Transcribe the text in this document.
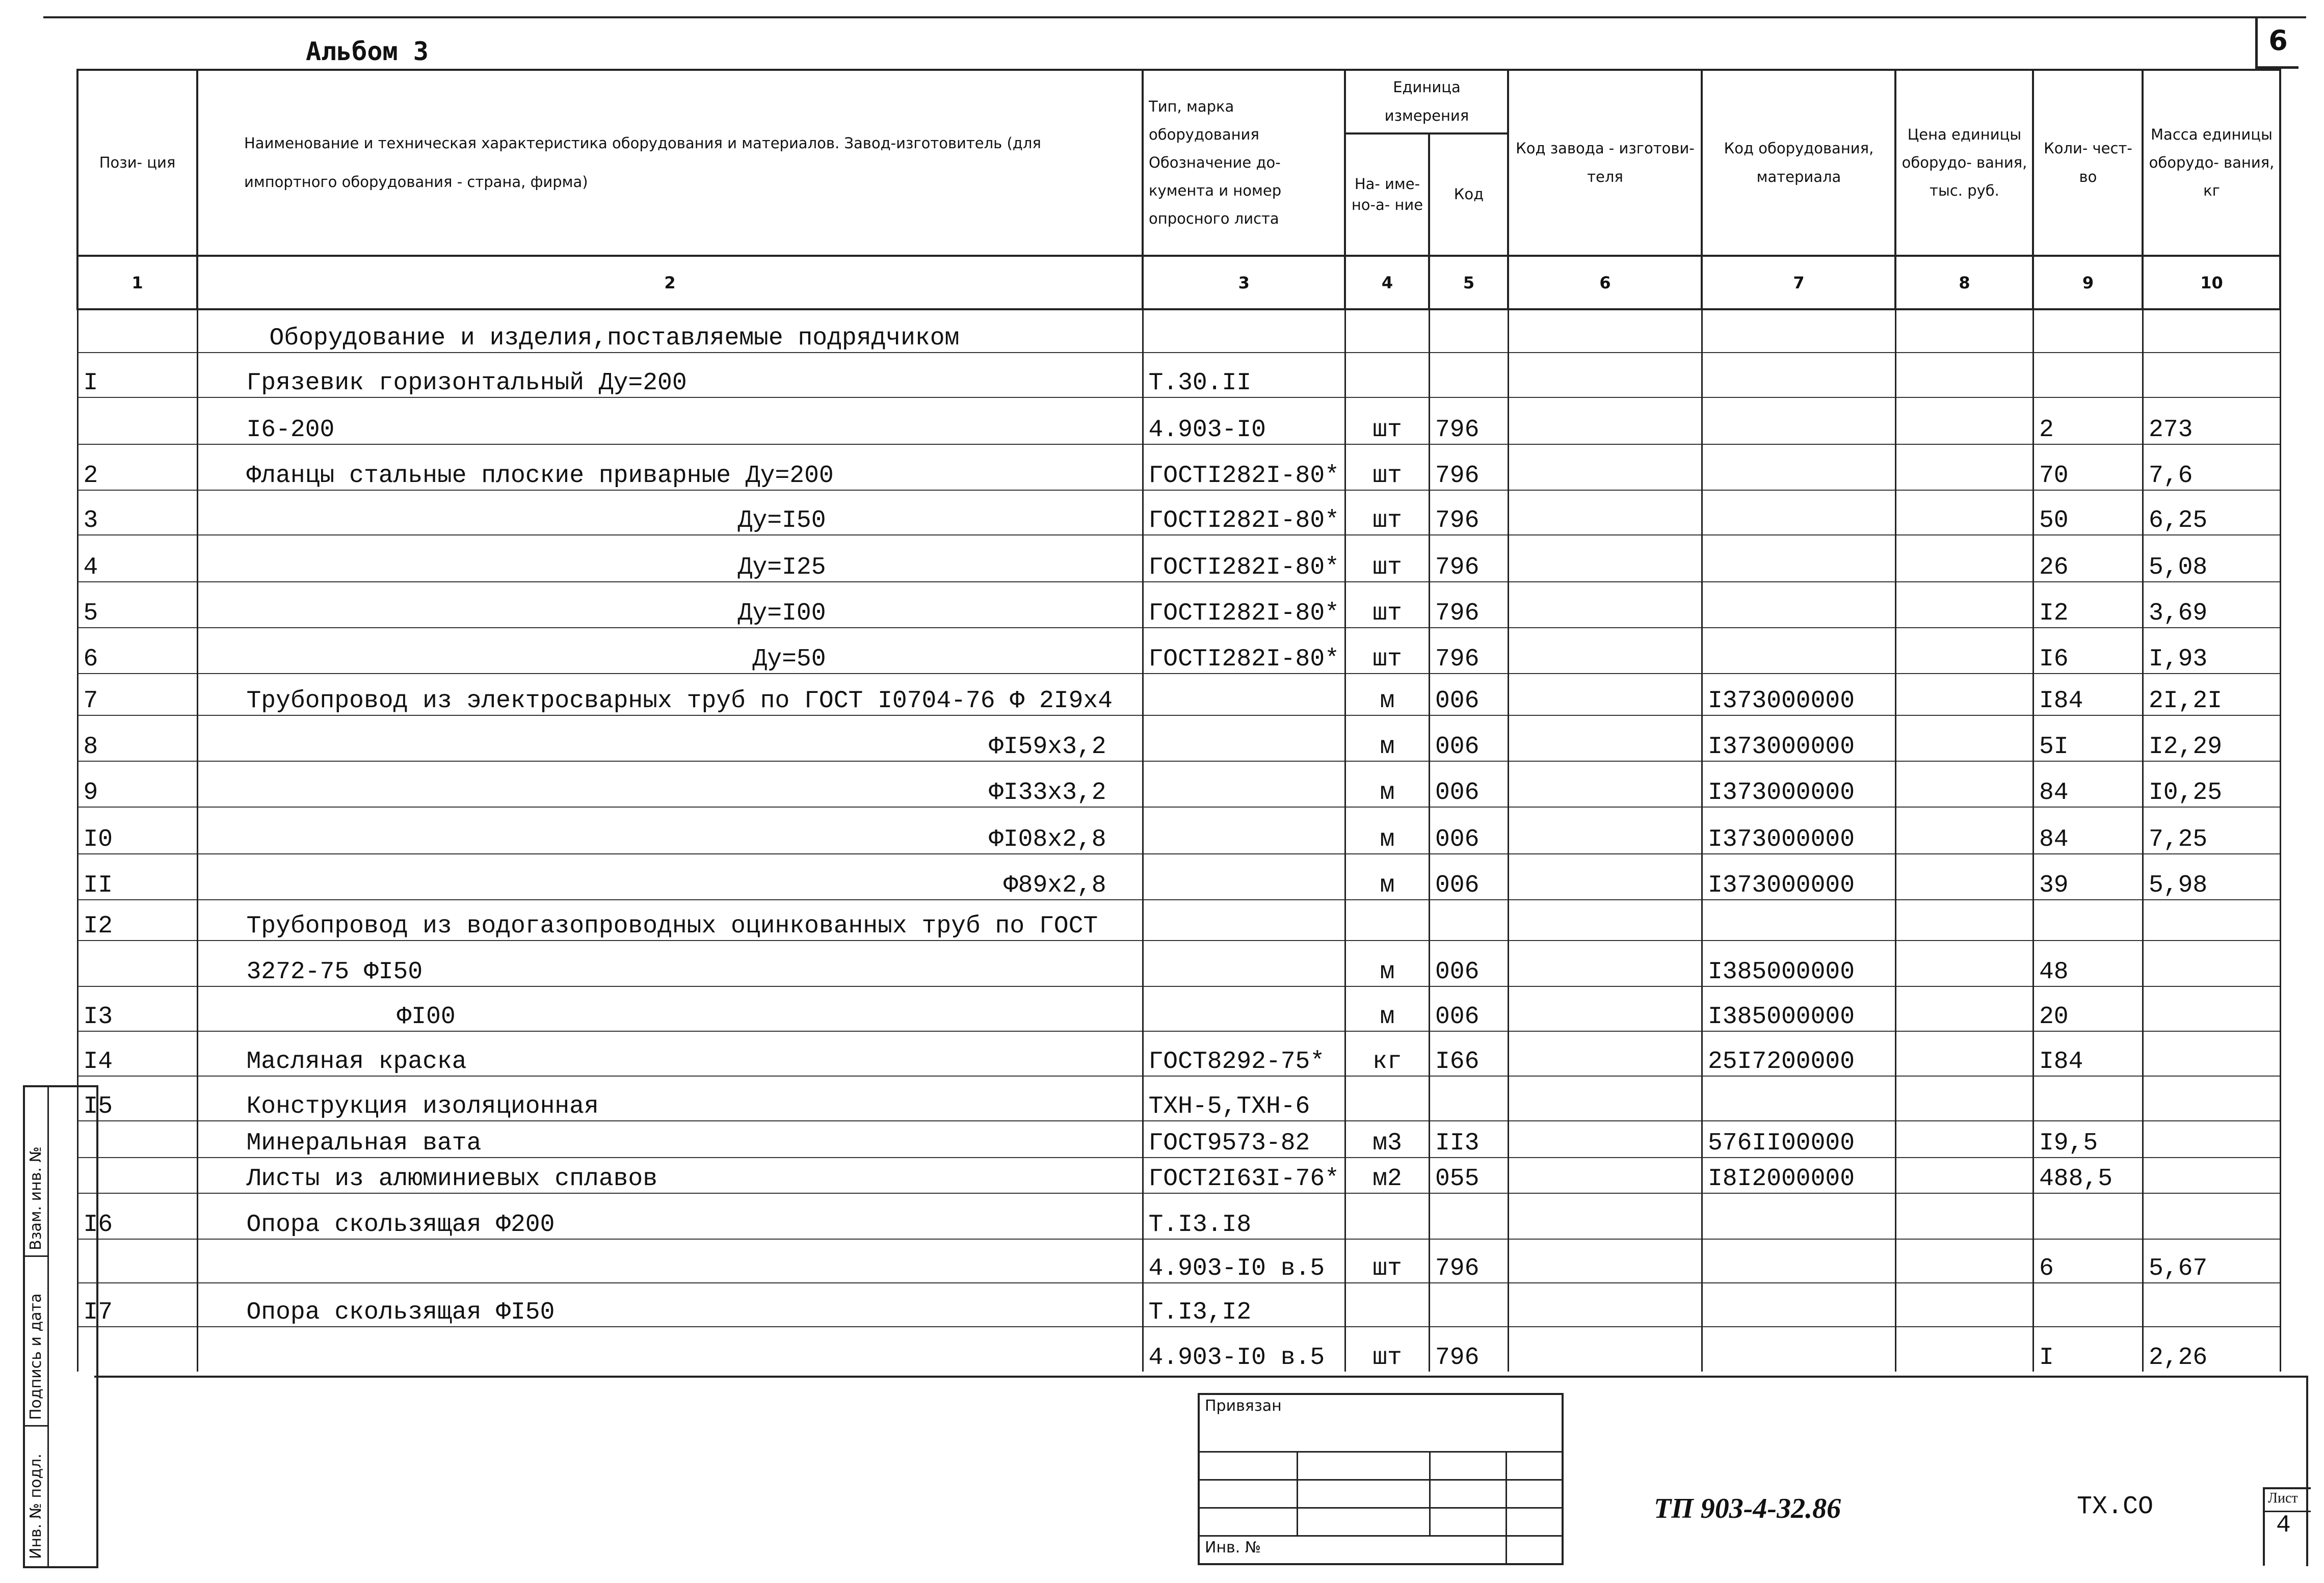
Альбом 3	6
Пози- ция	Наименование и техническая характеристика оборудования и материалов. Завод-изготовитель (для импортного оборудования - страна, фирма)	Тип, марка оборудования Обозначение до- кумента и номер опросного листа	Единица измерения		Код завода - изготови- теля	Код оборудования, материала	Цена единицы оборудо- вания, тыс. руб.	Коли- чест- во	Масса единицы оборудо- вания, кг
			На- име- но-а- ние	Код					
1	2	3	4	5	6	7	8	9	10
	Оборудование и изделия,поставляемые подрядчиком								
I	Грязевик горизонтальный Ду=200	Т.30.II							
	I6-200	4.903-I0	шт	796				2	273
2	Фланцы стальные плоские приварные Ду=200	ГОСТI282I-80*	шт	796				70	7,6
3	Ду=I50	ГОСТI282I-80*	шт	796				50	6,25
4	Ду=I25	ГОСТI282I-80*	шт	796				26	5,08
5	Ду=I00	ГОСТI282I-80*	шт	796				I2	3,69
6	Ду=50	ГОСТI282I-80*	шт	796				I6	I,93
7	Трубопровод из электросварных труб по ГОСТ I0704-76 Ф 2I9х4		м	006		I373000000		I84	2I,2I
8	ФI59х3,2		м	006		I373000000		5I	I2,29
9	ФI33х3,2		м	006		I373000000		84	I0,25
I0	ФI08х2,8		м	006		I373000000		84	7,25
II	Ф89х2,8		м	006		I373000000		39	5,98
I2	Трубопровод из водогазопроводных оцинкованных труб по ГОСТ								
	3272-75 ФI50		м	006		I385000000		48	
I3	ФI00		м	006		I385000000		20	
I4	Масляная краска	ГОСТ8292-75*	кг	I66		25I7200000		I84	
I5	Конструкция изоляционная	ТХН-5,ТХН-6							
	Минеральная вата	ГОСТ9573-82	м3	II3		576II00000		I9,5	
	Листы из алюминиевых сплавов	ГОСТ2I63I-76*	м2	055		I8I2000000		488,5	
I6	Опора скользящая Ф200	Т.I3.I8							
		4.903-I0 в.5	шт	796				6	5,67
I7	Опора скользящая ФI50	Т.I3,I2							
		4.903-I0 в.5	шт	796				I	2,26
Взам. инв. №
Подпись и дата
Инв. № подл.
Привязан
Инв. №
ТП 903-4-32.86	ТХ.СО	Лист
4
